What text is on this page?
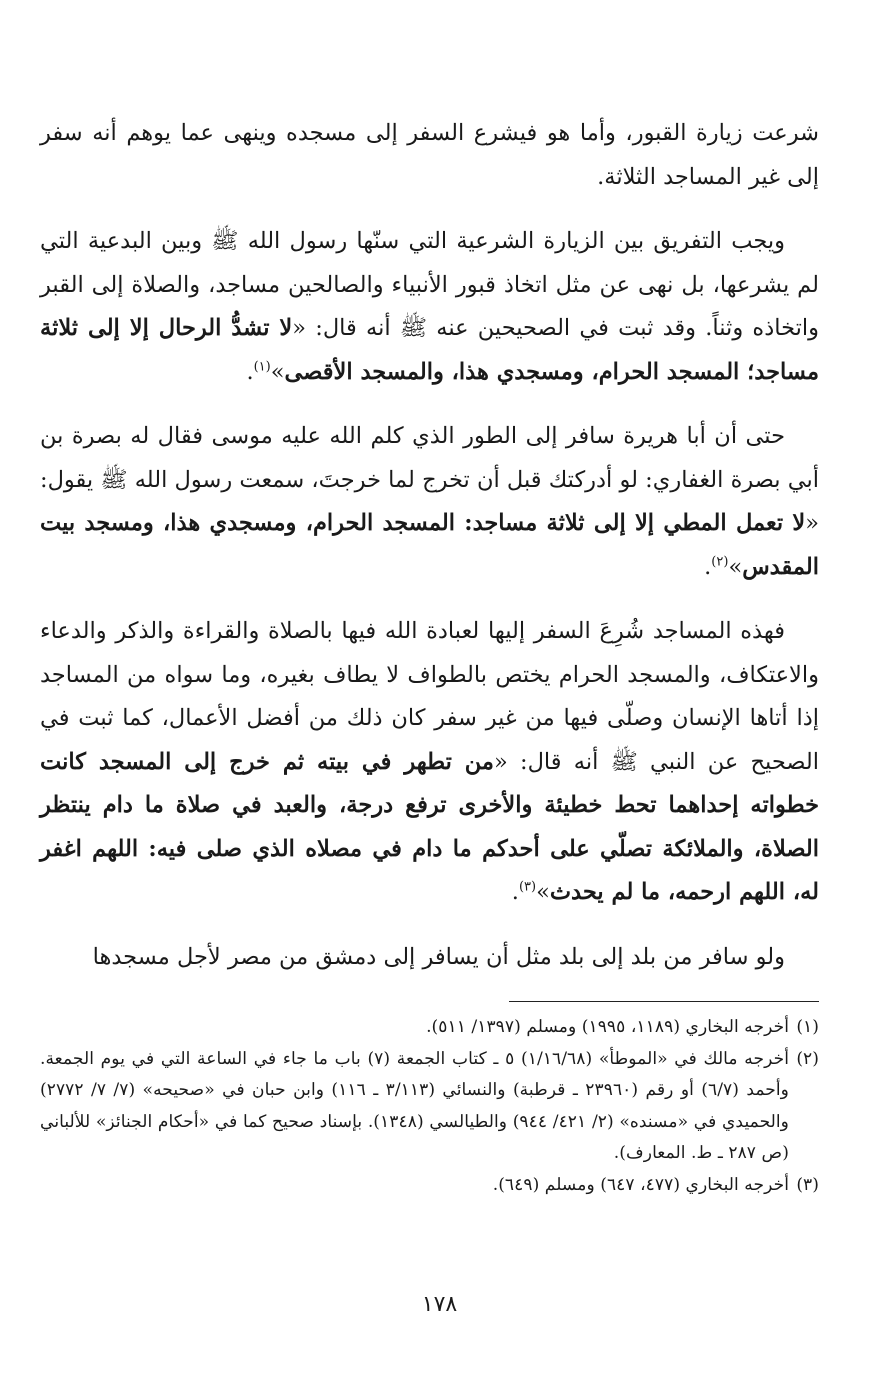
شرعت زيارة القبور، وأما هو فيشرع السفر إلى مسجده وينهى عما يوهم أنه سفر إلى غير المساجد الثلاثة.

ويجب التفريق بين الزيارة الشرعية التي سنّها رسول الله ﷺ وبين البدعية التي لم يشرعها، بل نهى عن مثل اتخاذ قبور الأنبياء والصالحين مساجد، والصلاة إلى القبر واتخاذه وثناً. وقد ثبت في الصحيحين عنه ﷺ أنه قال: «لا تشدُّ الرحال إلا إلى ثلاثة مساجد؛ المسجد الحرام، ومسجدي هذا، والمسجد الأقصى»$^{(١)}$.

حتى أن أبا هريرة سافر إلى الطور الذي كلم الله عليه موسى فقال له بصرة بن أبي بصرة الغفاري: لو أدركتك قبل أن تخرج لما خرجتَ، سمعت رسول الله ﷺ يقول: «لا تعمل المطي إلا إلى ثلاثة مساجد: المسجد الحرام، ومسجدي هذا، ومسجد بيت المقدس»$^{(٢)}$.

فهذه المساجد شُرِعَ السفر إليها لعبادة الله فيها بالصلاة والقراءة والذكر والدعاء والاعتكاف، والمسجد الحرام يختص بالطواف لا يطاف بغيره، وما سواه من المساجد إذا أتاها الإنسان وصلّى فيها من غير سفر كان ذلك من أفضل الأعمال، كما ثبت في الصحيح عن النبي ﷺ أنه قال: «من تطهر في بيته ثم خرج إلى المسجد كانت خطواته إحداهما تحط خطيئة والأخرى ترفع درجة، والعبد في صلاة ما دام ينتظر الصلاة، والملائكة تصلّي على أحدكم ما دام في مصلاه الذي صلى فيه: اللهم اغفر له، اللهم ارحمه، ما لم يحدث»$^{(٣)}$.

ولو سافر من بلد إلى بلد مثل أن يسافر إلى دمشق من مصر لأجل مسجدها

(١)
أخرجه البخاري (١١٨٩، ١٩٩٥) ومسلم (١٣٩٧/ ٥١١).
(٢)
أخرجه مالك في «الموطأ» (١/١٦/٦٨) ٥ ـ كتاب الجمعة (٧) باب ما جاء في الساعة التي في يوم الجمعة. وأحمد (٦/٧) أو رقم (٢٣٩٦٠ ـ قرطبة) والنسائي (٣/١١٣ ـ ١١٦) وابن حبان في «صحيحه» (٧/ ٧/ ٢٧٧٢) والحميدي في «مسنده» (٢/ ٤٢١/ ٩٤٤) والطيالسي (١٣٤٨). بإسناد صحيح كما في «أحكام الجنائز» للألباني (ص ٢٨٧ ـ ط. المعارف).
(٣)
أخرجه البخاري (٤٧٧، ٦٤٧) ومسلم (٦٤٩).
١٧٨
